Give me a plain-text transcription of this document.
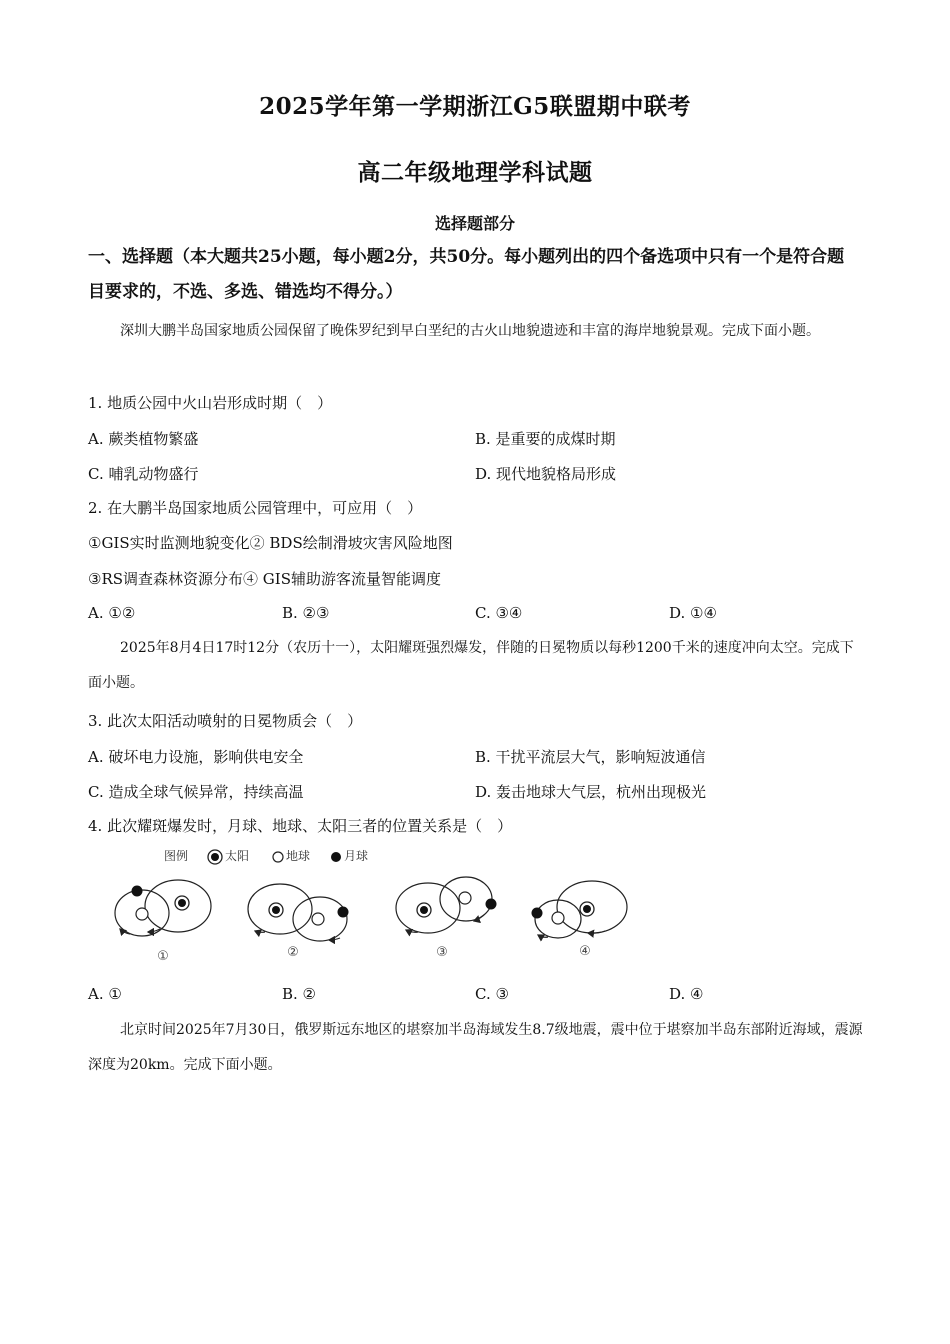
2025学年第一学期浙江G5联盟期中联考
高二年级地理学科试题
选择题部分
一、选择题（本大题共25小题，每小题2分，共50分。每小题列出的四个备选项中只有一个是符合题目要求的，不选、多选、错选均不得分。）
深圳大鹏半岛国家地质公园保留了晚侏罗纪到早白垩纪的古火山地貌遗迹和丰富的海岸地貌景观。完成下面小题。
1. 地质公园中火山岩形成时期（　）
A. 蕨类植物繁盛	B. 是重要的成煤时期
C. 哺乳动物盛行	D. 现代地貌格局形成
2. 在大鹏半岛国家地质公园管理中，可应用（　）
①GIS实时监测地貌变化② BDS绘制滑坡灾害风险地图
③RS调查森林资源分布④ GIS辅助游客流量智能调度
A. ①②	B. ②③	C. ③④	D. ①④
2025年8月4日17时12分（农历十一），太阳耀斑强烈爆发，伴随的日冕物质以每秒1200千米的速度冲向太空。完成下面小题。
3. 此次太阳活动喷射的日冕物质会（　）
A. 破坏电力设施，影响供电安全	B. 干扰平流层大气，影响短波通信
C. 造成全球气候异常，持续高温	D. 轰击地球大气层，杭州出现极光
4. 此次耀斑爆发时，月球、地球、太阳三者的位置关系是（　）
图例	太阳	地球	月球
①	②	③	④
A. ①	B. ②	C. ③	D. ④
北京时间2025年7月30日，俄罗斯远东地区的堪察加半岛海域发生8.7级地震，震中位于堪察加半岛东部附近海域，震源深度为20km。完成下面小题。
